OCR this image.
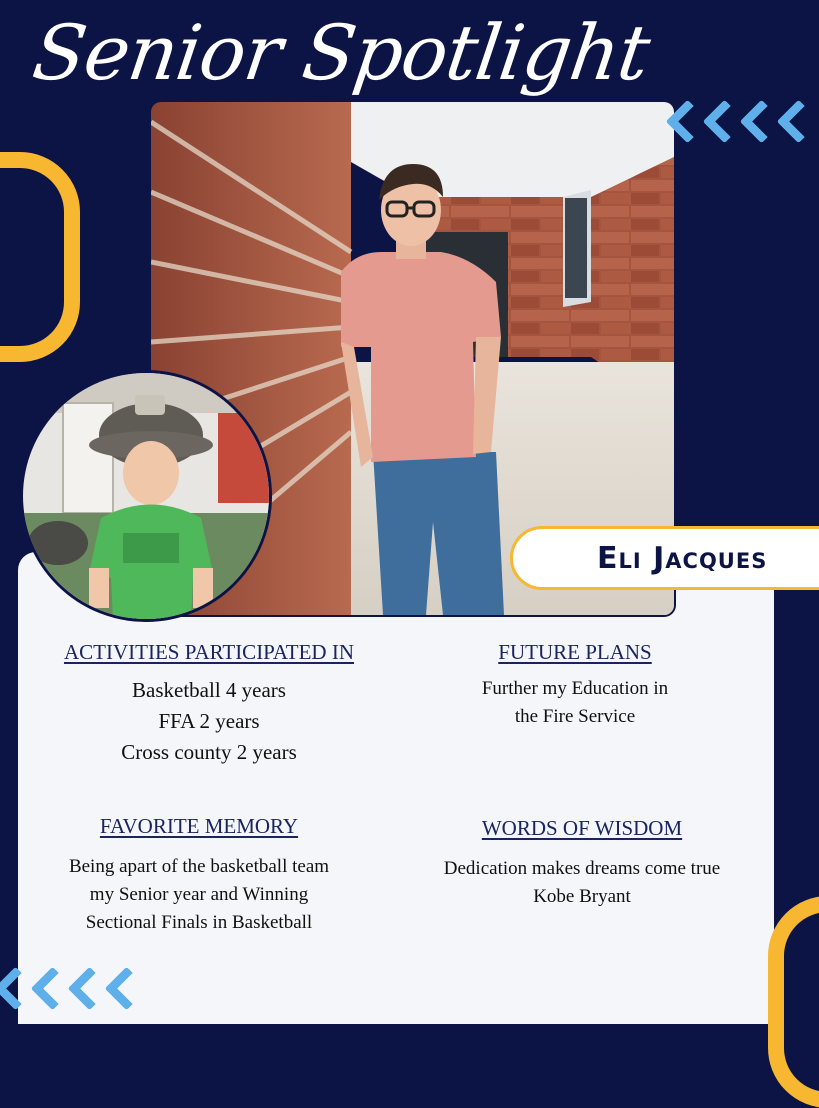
Senior Spotlight
Eli Jacques

ACTIVITIES PARTICIPATED IN

Basketball 4 years

FFA 2 years

Cross county 2 years

FUTURE PLANS

Further my Education in

the Fire Service

FAVORITE MEMORY

Being apart of the basketball team

my Senior year and Winning

Sectional Finals in Basketball

WORDS OF WISDOM

Dedication makes dreams come true

Kobe Bryant
